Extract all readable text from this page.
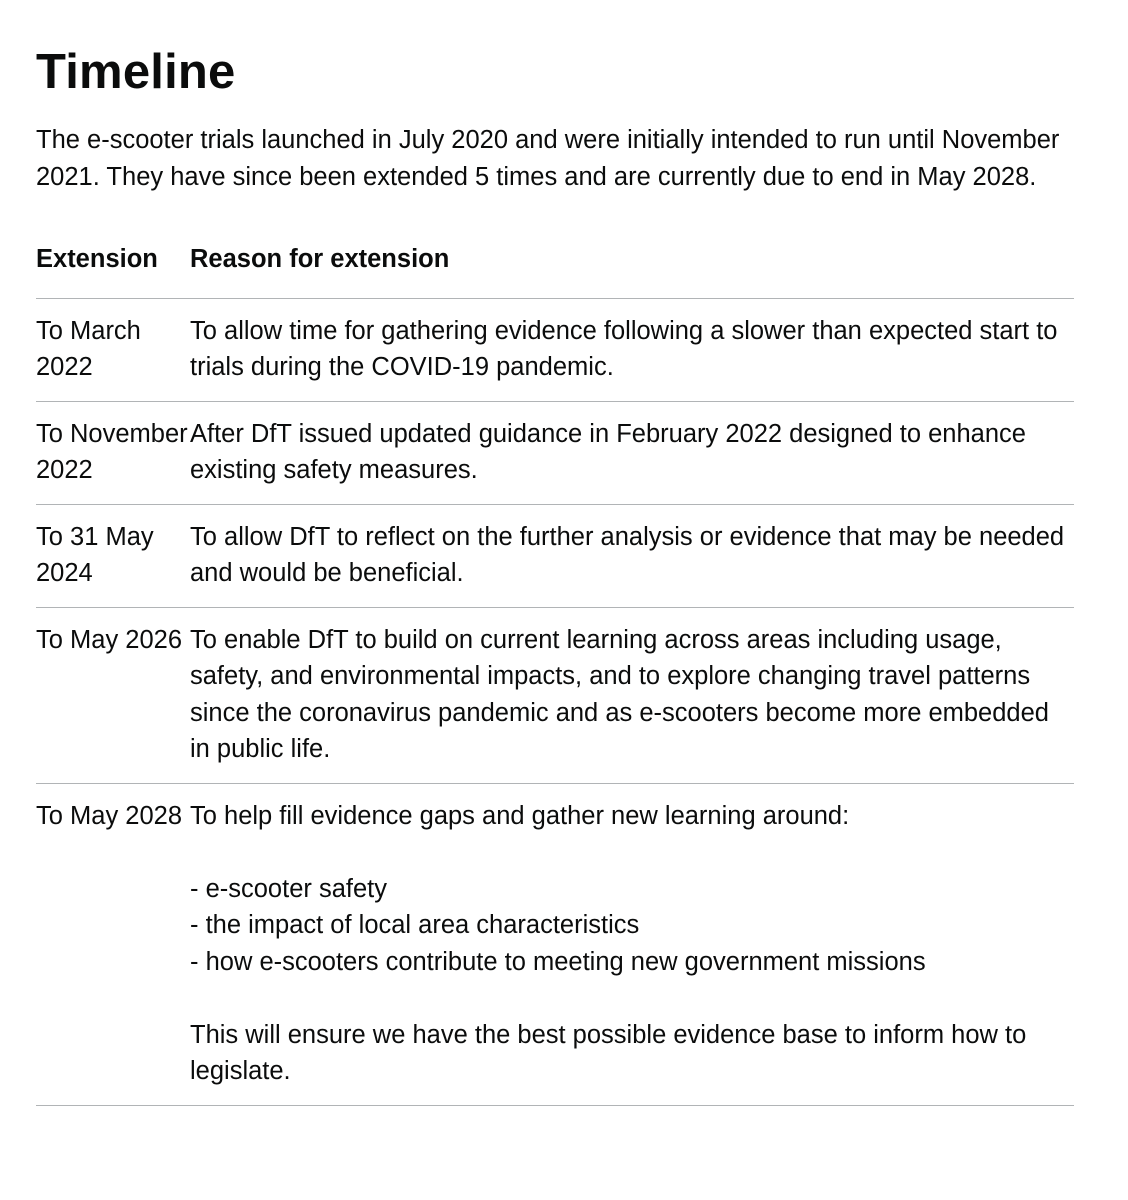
Timeline

The e-scooter trials launched in July 2020 and were initially intended to run until November 2021. They have since been extended 5 times and are currently due to end in May 2028.

Extension	Reason for extension
To March 2022	To allow time for gathering evidence following a slower than expected start to trials during the COVID-19 pandemic.
To November 2022	After DfT issued updated guidance in February 2022 designed to enhance existing safety measures.
To 31 May 2024	To allow DfT to reflect on the further analysis or evidence that may be needed and would be beneficial.
To May 2026	To enable DfT to build on current learning across areas including usage, safety, and environmental impacts, and to explore changing travel patterns since the coronavirus pandemic and as e-scooters become more embedded in public life.
To May 2028	To help fill evidence gaps and gather new learning around:
- e-scooter safety
- the impact of local area characteristics
- how e-scooters contribute to meeting new government missions
This will ensure we have the best possible evidence base to inform how to legislate.
